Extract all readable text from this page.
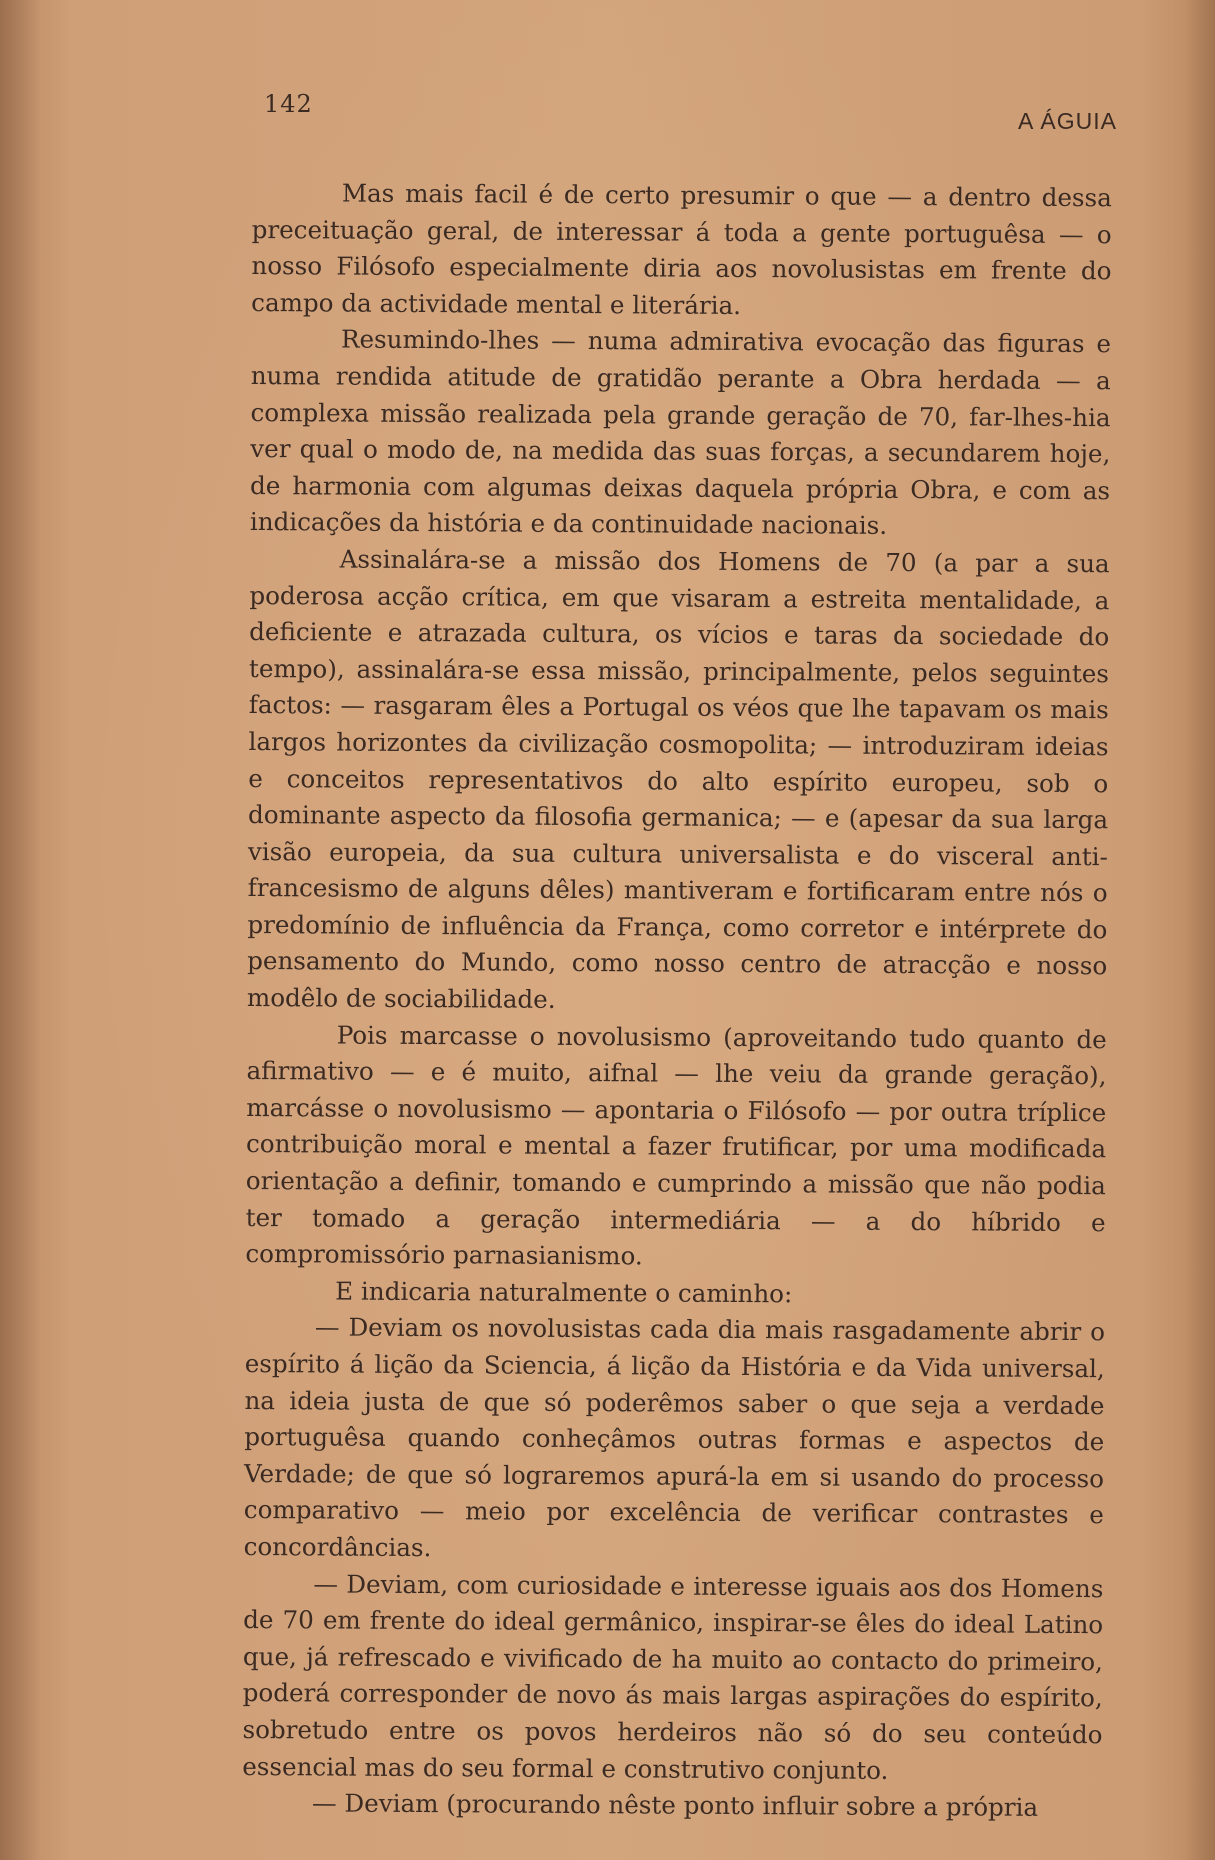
142
A ÁGUIA

Mas mais facil é de certo presumir o que — a dentro dessa preceituação geral, de interessar á toda a gente portuguêsa — o nosso Filósofo especialmente diria aos novolusistas em frente do campo da actividade mental e literária.

Resumindo-lhes — numa admirativa evocação das figuras e numa rendida atitude de gratidão perante a Obra herdada — a complexa missão realizada pela grande geração de 70, far-lhes-hia ver qual o modo de, na medida das suas forças, a secundarem hoje, de harmonia com algumas deixas daquela própria Obra, e com as indicações da história e da continuidade nacionais.

Assinalára-se a missão dos Homens de 70 (a par a sua poderosa acção crítica, em que visaram a estreita mentalidade, a deficiente e atrazada cultura, os vícios e taras da sociedade do tempo), assinalára-se essa missão, principalmente, pelos seguintes factos: — rasgaram êles a Portugal os véos que lhe tapavam os mais largos horizontes da civilização cosmopolita; — introduziram ideias e conceitos representativos do alto espírito europeu, sob o dominante aspecto da filosofia germanica; — e (apesar da sua larga visão europeia, da sua cultura universalista e do visceral anti-francesismo de alguns dêles) mantiveram e fortificaram entre nós o predomínio de influência da França, como corretor e intérprete do pensamento do Mundo, como nosso centro de atracção e nosso modêlo de sociabilidade.

Pois marcasse o novolusismo (aproveitando tudo quanto de afirmativo — e é muito, aifnal — lhe veiu da grande geração), marcásse o novolusismo — apontaria o Filósofo — por outra tríplice contribuição moral e mental a fazer frutificar, por uma modificada orientação a definir, tomando e cumprindo a missão que não podia ter tomado a geração intermediária — a do híbrido e compromissório parnasianismo.

E indicaria naturalmente o caminho:

— Deviam os novolusistas cada dia mais rasgadamente abrir o espírito á lição da Sciencia, á lição da História e da Vida universal, na ideia justa de que só poderêmos saber o que seja a verdade portuguêsa quando conheçâmos outras formas e aspectos de Verdade; de que só lograremos apurá-la em si usando do processo comparativo — meio por excelência de verificar contrastes e concordâncias.

— Deviam, com curiosidade e interesse iguais aos dos Homens de 70 em frente do ideal germânico, inspirar-se êles do ideal Latino que, já refrescado e vivificado de ha muito ao contacto do primeiro, poderá corresponder de novo ás mais largas aspirações do espírito, sobretudo entre os povos herdeiros não só do seu conteúdo essencial mas do seu formal e construtivo conjunto.

— Deviam (procurando nêste ponto influir sobre a própria
